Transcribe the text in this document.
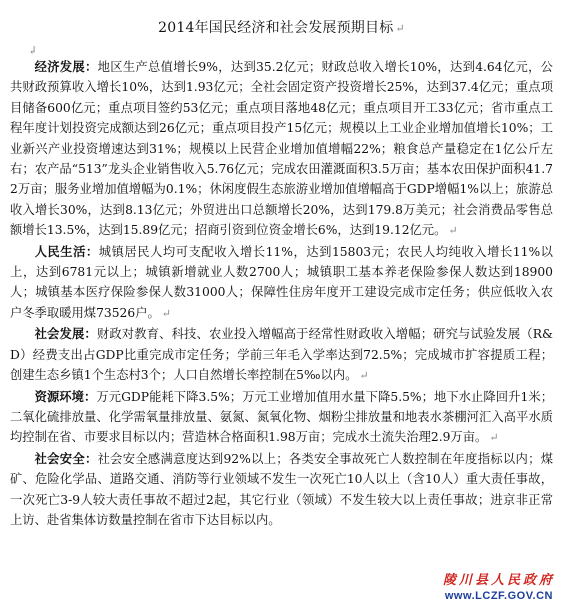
2014年国民经济和社会发展预期目标 ↵
↲

经济发展：地区生产总值增长9%，达到35.2亿元；财政总收入增长10%，达到4.64亿元，公共财政预算收入增长10%，达到1.93亿元；全社会固定资产投资增长25%，达到37.4亿元；重点项目储备600亿元；重点项目签约53亿元；重点项目落地48亿元；重点项目开工33亿元；省市重点工程年度计划投资完成额达到26亿元；重点项目投产15亿元；规模以上工业企业增加值增长10%；工业新兴产业投资增速达到31%；规模以上民营企业增加值增幅22%；粮食总产量稳定在1亿公斤左右；农产品“513”龙头企业销售收入5.76亿元；完成农田灌溉面积3.5万亩；基本农田保护面积41.72万亩；服务业增加值增幅为0.1%；休闲度假生态旅游业增加值增幅高于GDP增幅1%以上；旅游总收入增长30%，达到8.13亿元；外贸进出口总额增长20%，达到179.8万美元；社会消费品零售总额增长13.5%，达到15.89亿元；招商引资到位资金增长6%，达到19.12亿元。 ↵

人民生活：城镇居民人均可支配收入增长11%，达到15803元；农民人均纯收入增长11%以上，达到6781元以上；城镇新增就业人数2700人；城镇职工基本养老保险参保人数达到18900人；城镇基本医疗保险参保人数31000人；保障性住房年度开工建设完成市定任务；供应低收入农户冬季取暖用煤73526户。 ↵

社会发展：财政对教育、科技、农业投入增幅高于经常性财政收入增幅；研究与试验发展（R&D）经费支出占GDP比重完成市定任务；学前三年毛入学率达到72.5%；完成城市扩容提质工程；创建生态乡镇1个生态村3个；人口自然增长率控制在5‰以内。 ↵

资源环境：万元GDP能耗下降3.5%；万元工业增加值用水量下降5.5%；地下水止降回升1米；二氧化硫排放量、化学需氧量排放量、氨氮、氮氧化物、烟粉尘排放量和地表水茶棚河汇入高平水质均控制在省、市要求目标以内；营造林合格面积1.98万亩；完成水土流失治理2.9万亩。 ↵

社会安全：社会安全感满意度达到92%以上；各类安全事故死亡人数控制在年度指标以内；煤矿、危险化学品、道路交通、消防等行业领域不发生一次死亡10人以上（含10人）重大责任事故，一次死亡3-9人较大责任事故不超过2起，其它行业（领域）不发生较大以上责任事故；进京非正常上访、赴省集体访数量控制在省市下达目标以内。

陵川县人民政府
www.LCZF.GOV.CN
